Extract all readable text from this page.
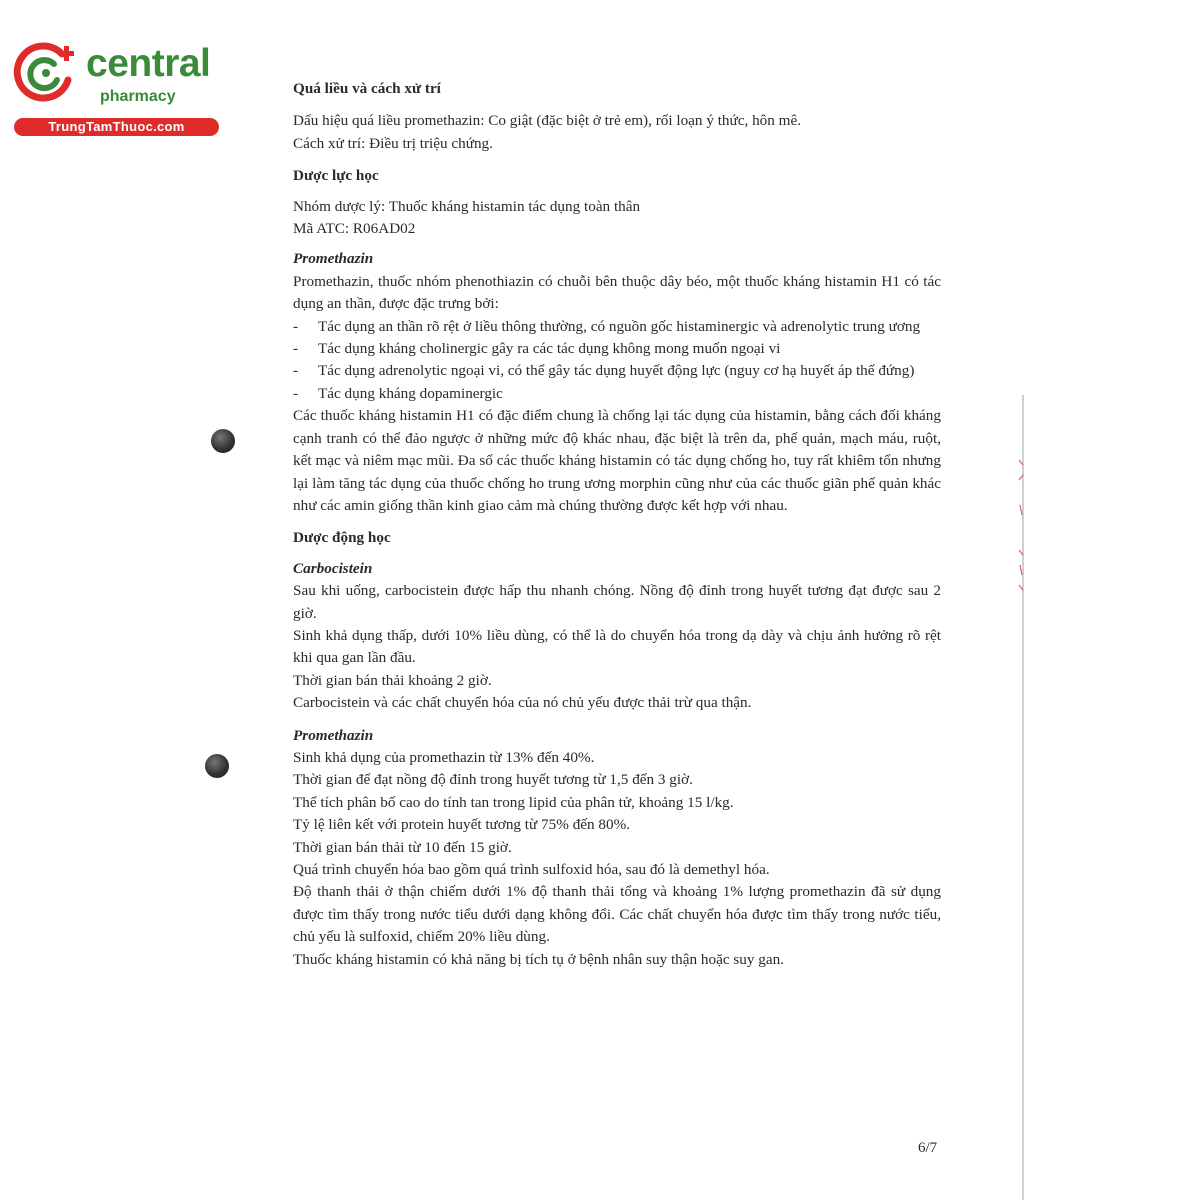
central
pharmacy
TrungTamThuoc.com
Quá liều và cách xử trí
Dấu hiệu quá liều promethazin: Co giật (đặc biệt ở trẻ em), rối loạn ý thức, hôn mê.
Cách xử trí: Điều trị triệu chứng.
Dược lực học
Nhóm dược lý: Thuốc kháng histamin tác dụng toàn thân
Mã ATC: R06AD02
Promethazin
Promethazin, thuốc nhóm phenothiazin có chuỗi bên thuộc dây béo, một thuốc kháng histamin H1 có tác dụng an thần, được đặc trưng bởi:
-	Tác dụng an thần rõ rệt ở liều thông thường, có nguồn gốc histaminergic và adrenolytic trung ương
-	Tác dụng kháng cholinergic gây ra các tác dụng không mong muốn ngoại vi
-	Tác dụng adrenolytic ngoại vi, có thể gây tác dụng huyết động lực (nguy cơ hạ huyết áp thế đứng)
-	Tác dụng kháng dopaminergic
Các thuốc kháng histamin H1 có đặc điểm chung là chống lại tác dụng của histamin, bằng cách đối kháng cạnh tranh có thể đảo ngược ở những mức độ khác nhau, đặc biệt là trên da, phế quản, mạch máu, ruột, kết mạc và niêm mạc mũi. Đa số các thuốc kháng histamin có tác dụng chống ho, tuy rất khiêm tốn nhưng lại làm tăng tác dụng của thuốc chống ho trung ương morphin cũng như của các thuốc giãn phế quản khác như các amin giống thần kinh giao cảm mà chúng thường được kết hợp với nhau.
Dược động học
Carbocistein
Sau khi uống, carbocistein được hấp thu nhanh chóng. Nồng độ đỉnh trong huyết tương đạt được sau 2 giờ.
Sinh khả dụng thấp, dưới 10% liều dùng, có thể là do chuyển hóa trong dạ dày và chịu ảnh hưởng rõ rệt khi qua gan lần đầu.
Thời gian bán thải khoảng 2 giờ.
Carbocistein và các chất chuyển hóa của nó chủ yếu được thải trừ qua thận.
Promethazin
Sinh khả dụng của promethazin từ 13% đến 40%.
Thời gian để đạt nồng độ đỉnh trong huyết tương từ 1,5 đến 3 giờ.
Thể tích phân bố cao do tính tan trong lipid của phân tử, khoảng 15 l/kg.
Tỷ lệ liên kết với protein huyết tương từ 75% đến 80%.
Thời gian bán thải từ 10 đến 15 giờ.
Quá trình chuyển hóa bao gồm quá trình sulfoxid hóa, sau đó là demethyl hóa.
Độ thanh thải ở thận chiếm dưới 1% độ thanh thải tổng và khoảng 1% lượng promethazin đã sử dụng được tìm thấy trong nước tiểu dưới dạng không đổi. Các chất chuyển hóa được tìm thấy trong nước tiểu, chủ yếu là sulfoxid, chiếm 20% liều dùng.
Thuốc kháng histamin có khả năng bị tích tụ ở bệnh nhân suy thận hoặc suy gan.
6/7
